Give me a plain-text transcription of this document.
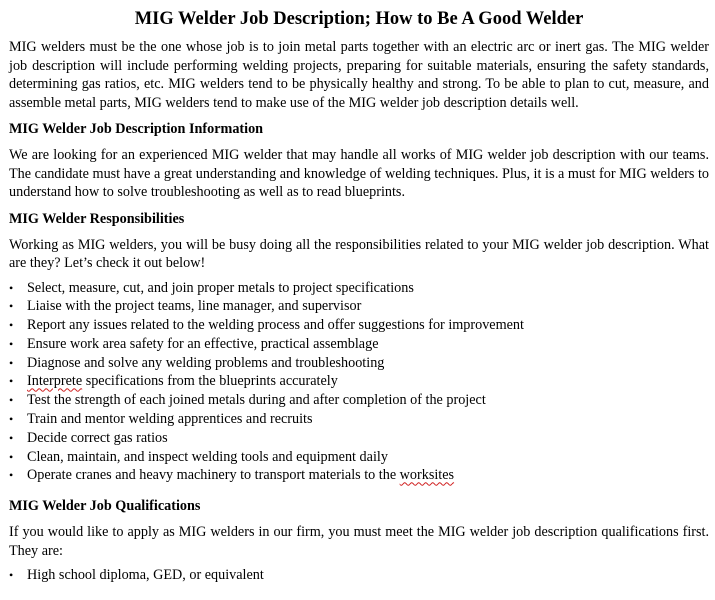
MIG Welder Job Description; How to Be A Good Welder

MIG welders must be the one whose job is to join metal parts together with an electric arc or inert gas. The MIG welder job description will include performing welding projects, preparing for suitable materials, ensuring the safety standards, determining gas ratios, etc. MIG welders tend to be physically healthy and strong. To be able to plan to cut, measure, and assemble metal parts, MIG welders tend to make use of the MIG welder job description details well.

MIG Welder Job Description Information

We are looking for an experienced MIG welder that may handle all works of MIG welder job description with our teams. The candidate must have a great understanding and knowledge of welding techniques. Plus, it is a must for MIG welders to understand how to solve troubleshooting as well as to read blueprints.

MIG Welder Responsibilities

Working as MIG welders, you will be busy doing all the responsibilities related to your MIG welder job description. What are they? Let’s check it out below!

• Select, measure, cut, and join proper metals to project specifications
• Liaise with the project teams, line manager, and supervisor
• Report any issues related to the welding process and offer suggestions for improvement
• Ensure work area safety for an effective, practical assemblage
• Diagnose and solve any welding problems and troubleshooting
• Interprete specifications from the blueprints accurately
• Test the strength of each joined metals during and after completion of the project
• Train and mentor welding apprentices and recruits
• Decide correct gas ratios
• Clean, maintain, and inspect welding tools and equipment daily
• Operate cranes and heavy machinery to transport materials to the worksites
MIG Welder Job Qualifications

If you would like to apply as MIG welders in our firm, you must meet the MIG welder job description qualifications first. They are:

• High school diploma, GED, or equivalent
